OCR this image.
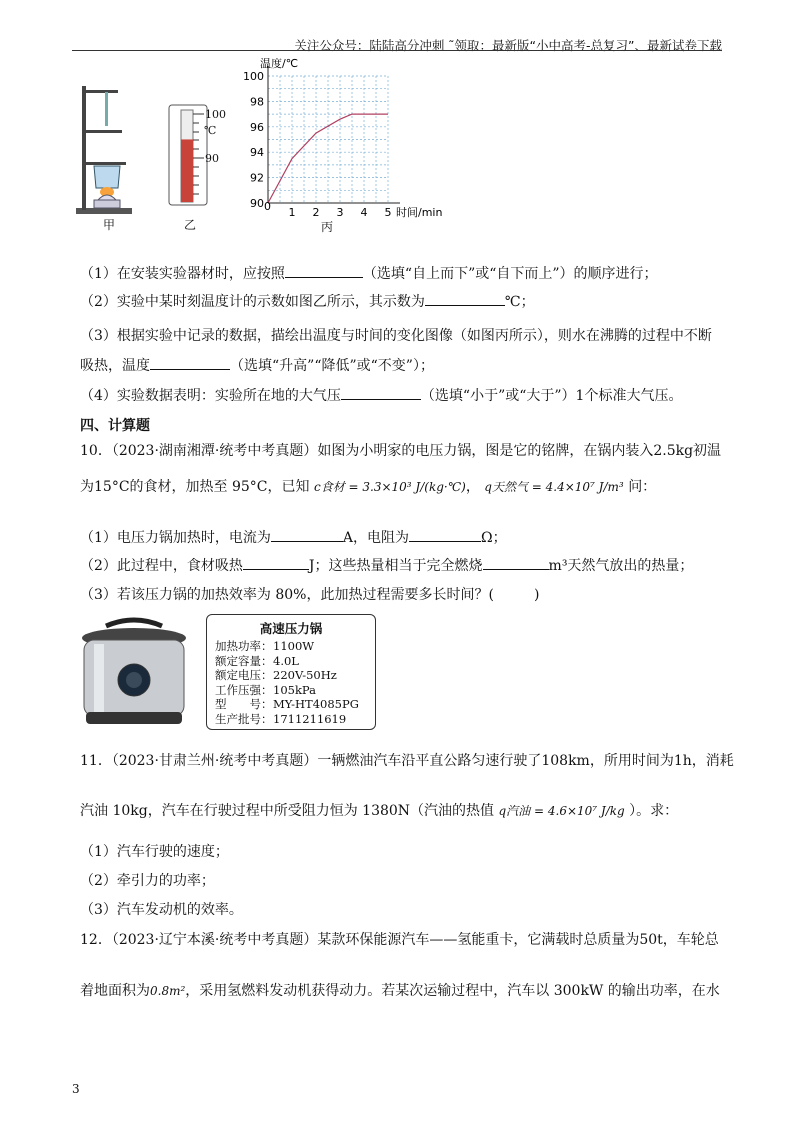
关注公众号：陆陆高分冲刺 ˜领取：最新版“小中高考-总复习”、最新试卷下载
甲
100
℃
90
乙
90
92
94
96
98
100
1 2 3 4 5
温度/℃
时间/min
0
丙
（1）在安装实验器材时，应按照	（选填“自上而下”或“自下而上”）的顺序进行；
（2）实验中某时刻温度计的示数如图乙所示，其示数为	℃；
（3）根据实验中记录的数据，描绘出温度与时间的变化图像（如图丙所示），则水在沸腾的过程中不断
吸热，温度	（选填“升高”“降低”或“不变”）；
（4）实验数据表明：实验所在地的大气压	（选填“小于”或“大于”）1个标准大气压。
四、计算题
10．（2023·湖南湘潭·统考中考真题）如图为小明家的电压力锅，图是它的铭牌，在锅内装入2.5kg初温
为15°C的食材，加热至 95°C，已知 c食材 = 3.3×10³ J/(kg·℃)， q天然气 = 4.4×10⁷ J/m³ 问：
（1）电压力锅加热时，电流为	A，电阻为	Ω；
（2）此过程中，食材吸热	J；这些热量相当于完全燃烧	m³天然气放出的热量；
（3）若该压力锅的加热效率为 80%，此加热过程需要多长时间？(	)
高速压力锅
加热功率： 1100W
额定容量： 4.0L
额定电压： 220V-50Hz
工作压强： 105kPa
型　　号： MY-HT4085PG
生产批号： 1711211619
11．（2023·甘肃兰州·统考中考真题）一辆燃油汽车沿平直公路匀速行驶了108km，所用时间为1h，消耗
汽油 10kg，汽车在行驶过程中所受阻力恒为 1380N（汽油的热值 q汽油 = 4.6×10⁷ J/kg ）。求：
（1）汽车行驶的速度；
（2）牵引力的功率；
（3）汽车发动机的效率。
12．（2023·辽宁本溪·统考中考真题）某款环保能源汽车——氢能重卡，它满载时总质量为50t，车轮总
着地面积为0.8m²，采用氢燃料发动机获得动力。若某次运输过程中，汽车以 300kW 的输出功率，在水
3
